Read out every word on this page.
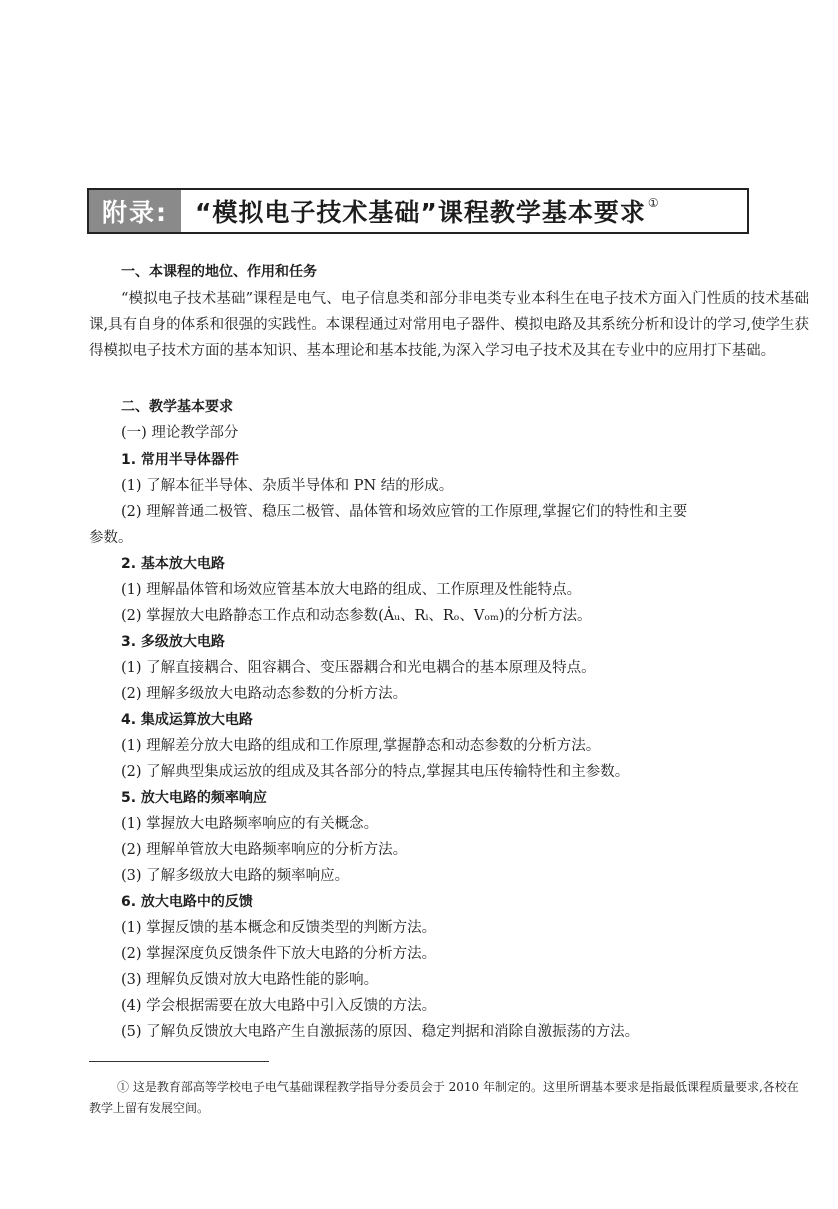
附录:	“模拟电子技术基础”课程教学基本要求①
一、本课程的地位、作用和任务
“模拟电子技术基础”课程是电气、电子信息类和部分非电类专业本科生在电子技术方面入门性质的技术基础课,具有自身的体系和很强的实践性。本课程通过对常用电子器件、模拟电路及其系统分析和设计的学习,使学生获得模拟电子技术方面的基本知识、基本理论和基本技能,为深入学习电子技术及其在专业中的应用打下基础。
二、教学基本要求
(一) 理论教学部分
1. 常用半导体器件
(1) 了解本征半导体、杂质半导体和 PN 结的形成。
(2) 理解普通二极管、稳压二极管、晶体管和场效应管的工作原理,掌握它们的特性和主要
参数。
2. 基本放大电路
(1) 理解晶体管和场效应管基本放大电路的组成、工作原理及性能特点。
(2) 掌握放大电路静态工作点和动态参数(Ȧᵤ、Rᵢ、Rₒ、Vₒₘ)的分析方法。
3. 多级放大电路
(1) 了解直接耦合、阻容耦合、变压器耦合和光电耦合的基本原理及特点。
(2) 理解多级放大电路动态参数的分析方法。
4. 集成运算放大电路
(1) 理解差分放大电路的组成和工作原理,掌握静态和动态参数的分析方法。
(2) 了解典型集成运放的组成及其各部分的特点,掌握其电压传输特性和主参数。
5. 放大电路的频率响应
(1) 掌握放大电路频率响应的有关概念。
(2) 理解单管放大电路频率响应的分析方法。
(3) 了解多级放大电路的频率响应。
6. 放大电路中的反馈
(1) 掌握反馈的基本概念和反馈类型的判断方法。
(2) 掌握深度负反馈条件下放大电路的分析方法。
(3) 理解负反馈对放大电路性能的影响。
(4) 学会根据需要在放大电路中引入反馈的方法。
(5) 了解负反馈放大电路产生自激振荡的原因、稳定判据和消除自激振荡的方法。
① 这是教育部高等学校电子电气基础课程教学指导分委员会于 2010 年制定的。这里所谓基本要求是指最低课程质量要求,各校在教学上留有发展空间。
